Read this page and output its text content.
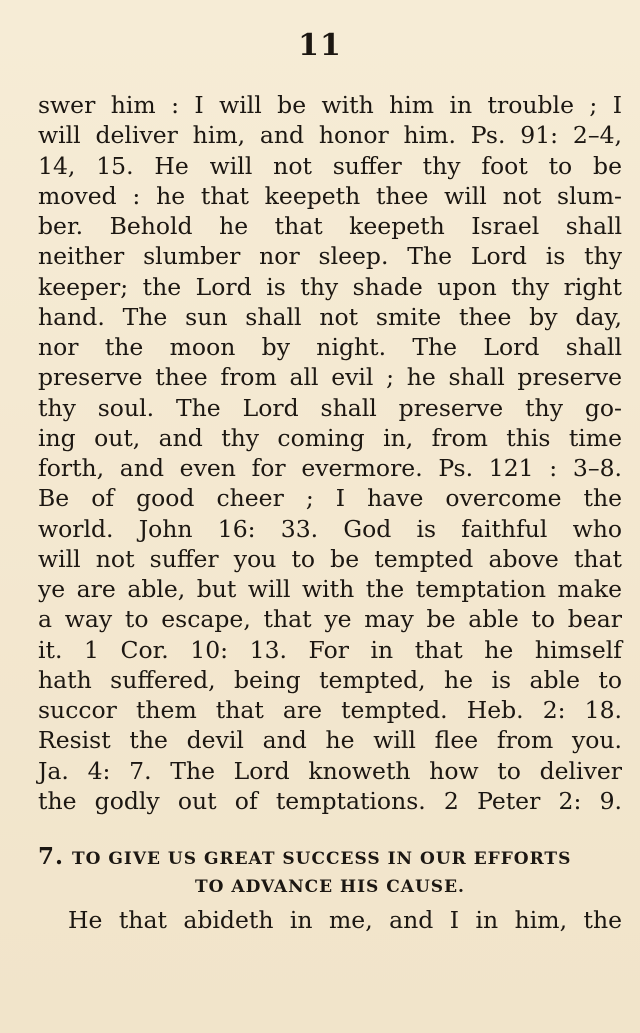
11
swer him : I will be with him in trouble ; I
will deliver him, and honor him. Ps. 91: 2–4,
14, 15. He will not suffer thy foot to be
moved : he that keepeth thee will not slum-
ber. Behold he that keepeth Israel shall
neither slumber nor sleep. The Lord is thy
keeper; the Lord is thy shade upon thy right
hand. The sun shall not smite thee by day,
nor the moon by night. The Lord shall
preserve thee from all evil ; he shall preserve
thy soul. The Lord shall preserve thy go-
ing out, and thy coming in, from this time
forth, and even for evermore. Ps. 121 : 3–8.
Be of good cheer ; I have overcome the
world. John 16: 33. God is faithful who
will not suffer you to be tempted above that
ye are able, but will with the temptation make
a way to escape, that ye may be able to bear
it. 1 Cor. 10: 13. For in that he himself
hath suffered, being tempted, he is able to
succor them that are tempted. Heb. 2: 18.
Resist the devil and he will flee from you.
Ja. 4: 7. The Lord knoweth how to deliver
the godly out of temptations. 2 Peter 2: 9.
7. TO GIVE US GREAT SUCCESS IN OUR EFFORTS
TO ADVANCE HIS CAUSE.
He that abideth in me, and I in him, the
